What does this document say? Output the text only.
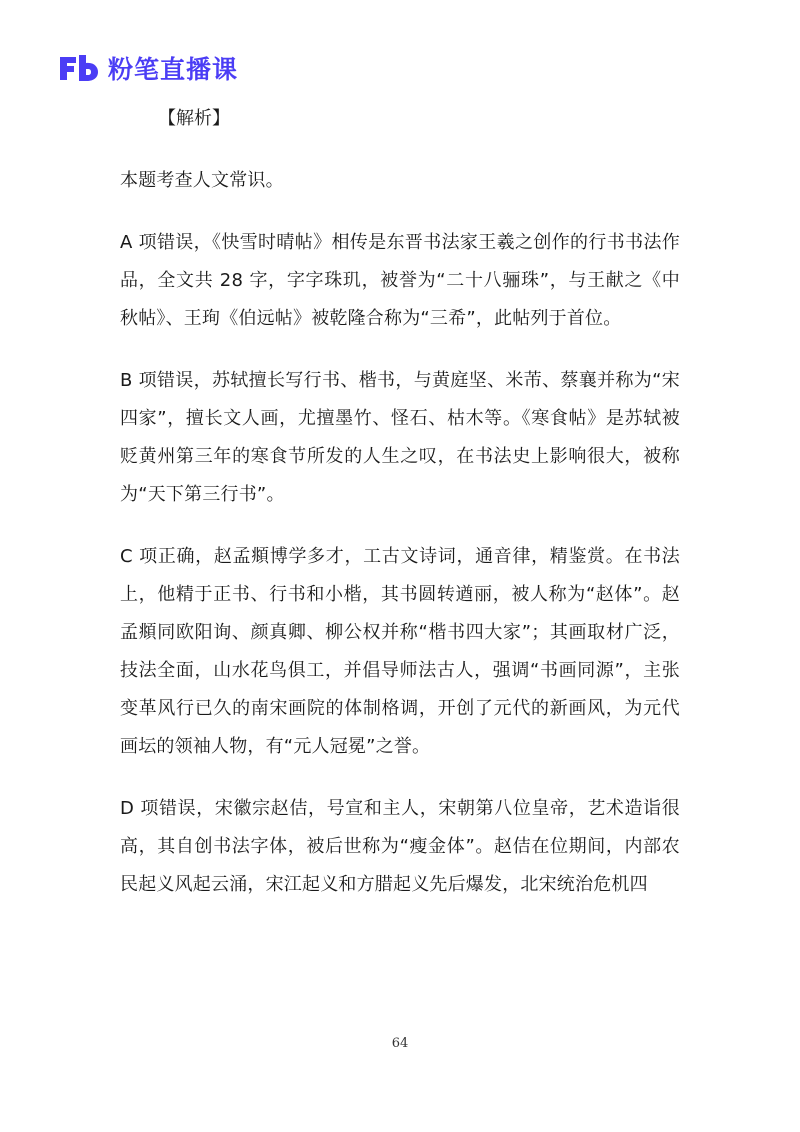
粉笔直播课
【解析】

本题考查人文常识。

A 项错误，《快雪时晴帖》相传是东晋书法家王羲之创作的行书书法作品，全文共 28 字，字字珠玑，被誉为“二十八骊珠”，与王献之《中秋帖》、王珣《伯远帖》被乾隆合称为“三希”，此帖列于首位。

B 项错误，苏轼擅长写行书、楷书，与黄庭坚、米芾、蔡襄并称为“宋四家”，擅长文人画，尤擅墨竹、怪石、枯木等。《寒食帖》是苏轼被贬黄州第三年的寒食节所发的人生之叹，在书法史上影响很大，被称为“天下第三行书”。

C 项正确，赵孟頫博学多才，工古文诗词，通音律，精鉴赏。在书法上，他精于正书、行书和小楷，其书圆转遒丽，被人称为“赵体”。赵孟頫同欧阳询、颜真卿、柳公权并称“楷书四大家”；其画取材广泛，技法全面，山水花鸟俱工，并倡导师法古人，强调“书画同源”，主张变革风行已久的南宋画院的体制格调，开创了元代的新画风，为元代画坛的领袖人物，有“元人冠冕”之誉。

D 项错误，宋徽宗赵佶，号宣和主人，宋朝第八位皇帝，艺术造诣很高，其自创书法字体，被后世称为“瘦金体”。赵佶在位期间，内部农民起义风起云涌，宋江起义和方腊起义先后爆发，北宋统治危机四

64
